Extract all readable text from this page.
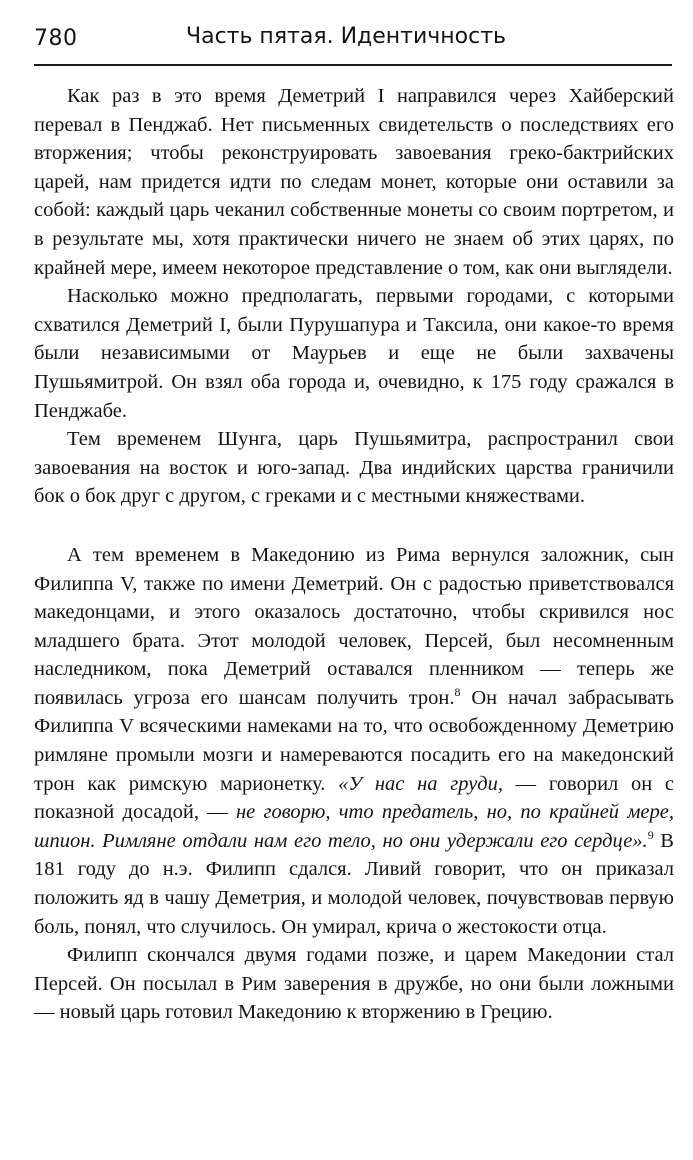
780	Часть пятая. Идентичность

Как раз в это время Деметрий I направился через Хайберский перевал в Пенджаб. Нет письменных свидетельств о последствиях его вторжения; чтобы реконструировать завоевания греко-бактрийских царей, нам придется идти по следам монет, которые они оставили за собой: каждый царь чеканил собственные монеты со своим портретом, и в результате мы, хотя практически ничего не знаем об этих царях, по крайней мере, имеем некоторое представление о том, как они выглядели.

Насколько можно предполагать, первыми городами, с которыми схватился Деметрий I, были Пурушапура и Таксила, они какое-то время были независимыми от Маурьев и еще не были захвачены Пушьямитрой. Он взял оба города и, очевидно, к 175 году сражался в Пенджабе.

Тем временем Шунга, царь Пушьямитра, распространил свои завоевания на восток и юго-запад. Два индийских царства граничили бок о бок друг с другом, с греками и с местными княжествами.

А тем временем в Македонию из Рима вернулся заложник, сын Филиппа V, также по имени Деметрий. Он с радостью приветствовался македонцами, и этого оказалось достаточно, чтобы скривился нос младшего брата. Этот молодой человек, Персей, был несомненным наследником, пока Деметрий оставался пленником — теперь же появилась угроза его шансам получить трон.$^8$ Он начал забрасывать Филиппа V всяческими намеками на то, что освобожденному Деметрию римляне промыли мозги и намереваются посадить его на македонский трон как римскую марионетку. «У нас на груди, — говорил он с показной досадой, — не говорю, что предатель, но, по крайней мере, шпион. Римляне отдали нам его тело, но они удержали его сердце».$^9$ В 181 году до н.э. Филипп сдался. Ливий говорит, что он приказал положить яд в чашу Деметрия, и молодой человек, почувствовав первую боль, понял, что случилось. Он умирал, крича о жестокости отца.

Филипп скончался двумя годами позже, и царем Македонии стал Персей. Он посылал в Рим заверения в дружбе, но они были ложными — новый царь готовил Македонию к вторжению в Грецию.
